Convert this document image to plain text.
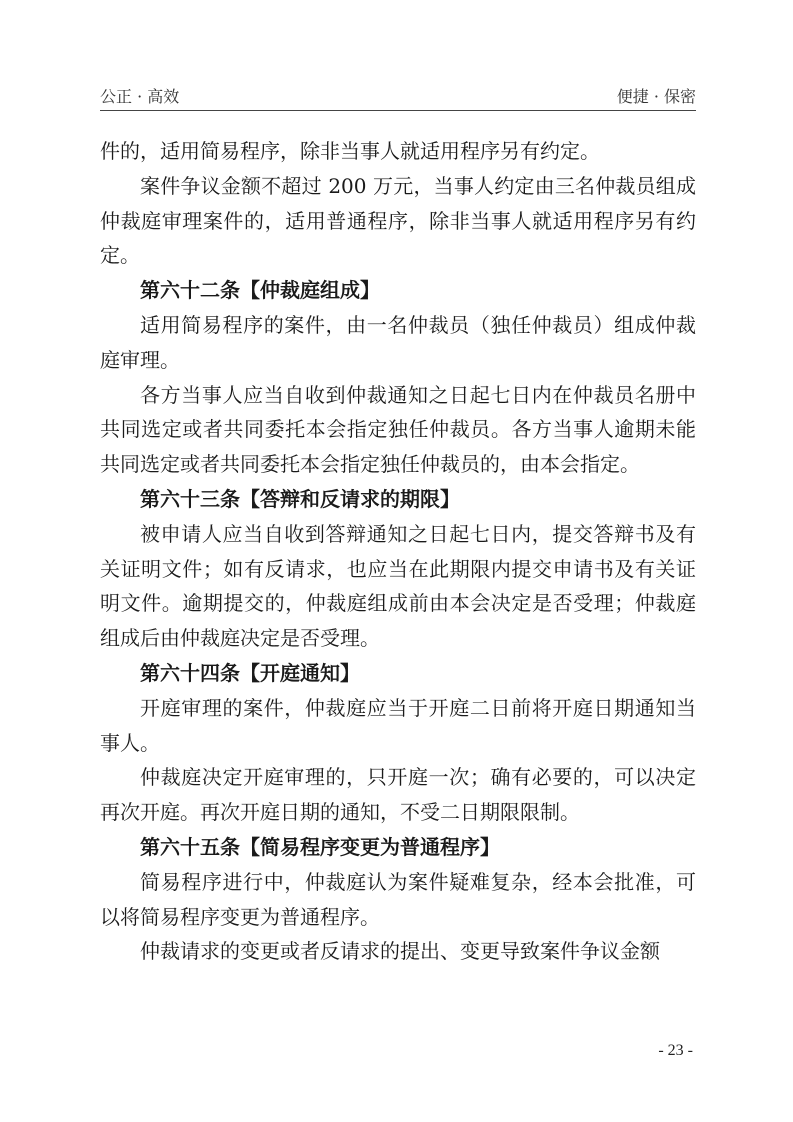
公正 · 高效	便捷 · 保密

件的，适用简易程序，除非当事人就适用程序另有约定。

案件争议金额不超过 200 万元，当事人约定由三名仲裁员组成仲裁庭审理案件的，适用普通程序，除非当事人就适用程序另有约定。

第六十二条【仲裁庭组成】

适用简易程序的案件，由一名仲裁员（独任仲裁员）组成仲裁庭审理。

各方当事人应当自收到仲裁通知之日起七日内在仲裁员名册中共同选定或者共同委托本会指定独任仲裁员。各方当事人逾期未能共同选定或者共同委托本会指定独任仲裁员的，由本会指定。

第六十三条【答辩和反请求的期限】

被申请人应当自收到答辩通知之日起七日内，提交答辩书及有关证明文件；如有反请求，也应当在此期限内提交申请书及有关证明文件。逾期提交的，仲裁庭组成前由本会决定是否受理；仲裁庭组成后由仲裁庭决定是否受理。

第六十四条【开庭通知】

开庭审理的案件，仲裁庭应当于开庭二日前将开庭日期通知当事人。

仲裁庭决定开庭审理的，只开庭一次；确有必要的，可以决定再次开庭。再次开庭日期的通知，不受二日期限限制。

第六十五条【简易程序变更为普通程序】

简易程序进行中，仲裁庭认为案件疑难复杂，经本会批准，可以将简易程序变更为普通程序。

仲裁请求的变更或者反请求的提出、变更导致案件争议金额

- 23 -
